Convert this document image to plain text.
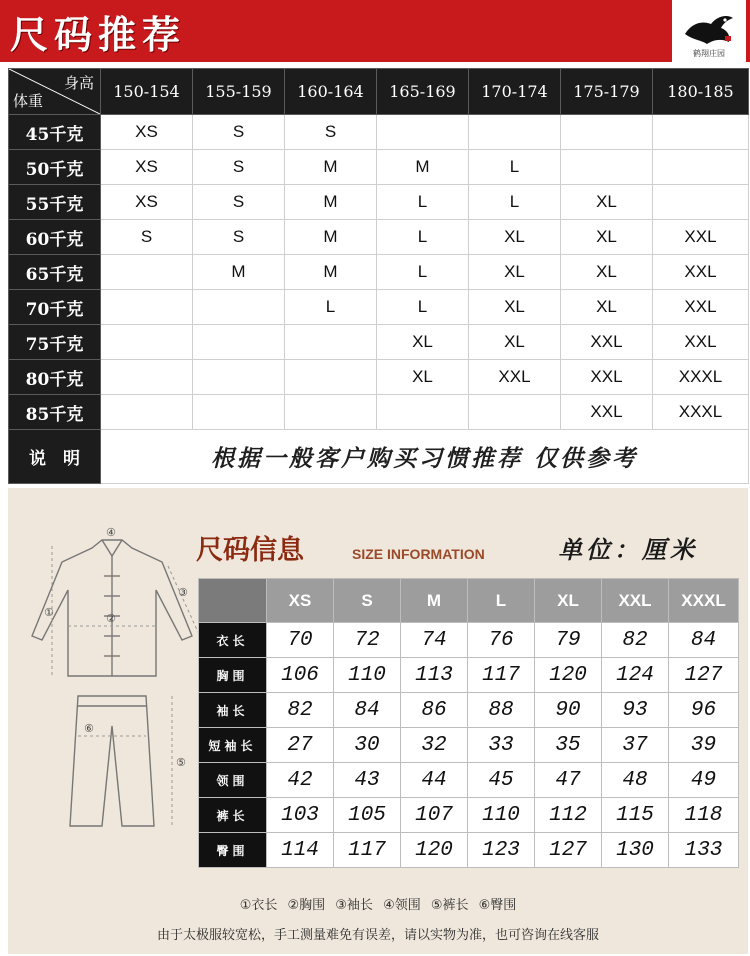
尺码推荐	鹤翔庄园
身高
体重	150-154	155-159	160-164	165-169	170-174	175-179	180-185
45千克	XS	S	S				
50千克	XS	S	M	M	L		
55千克	XS	S	M	L	L	XL	
60千克	S	S	M	L	XL	XL	XXL
65千克		M	M	L	XL	XL	XXL
70千克			L	L	XL	XL	XXL
75千克				XL	XL	XXL	XXL
80千克				XL	XXL	XXL	XXXL
85千克						XXL	XXXL
说　明	根据一般客户购买习惯推荐 仅供参考						
①	②
③
④
⑤
⑥
尺码信息	SIZE INFORMATION	单位：厘米
	XS	S	M	L	XL	XXL	XXXL
衣长	70	72	74	76	79	82	84
胸围	106	110	113	117	120	124	127
袖长	82	84	86	88	90	93	96
短袖长	27	30	32	33	35	37	39
领围	42	43	44	45	47	48	49
裤长	103	105	107	110	112	115	118
臀围	114	117	120	123	127	130	133
①衣长 ②胸围 ③袖长 ④领围 ⑤裤长 ⑥臀围
由于太极服较宽松，手工测量难免有误差，请以实物为准，也可咨询在线客服
